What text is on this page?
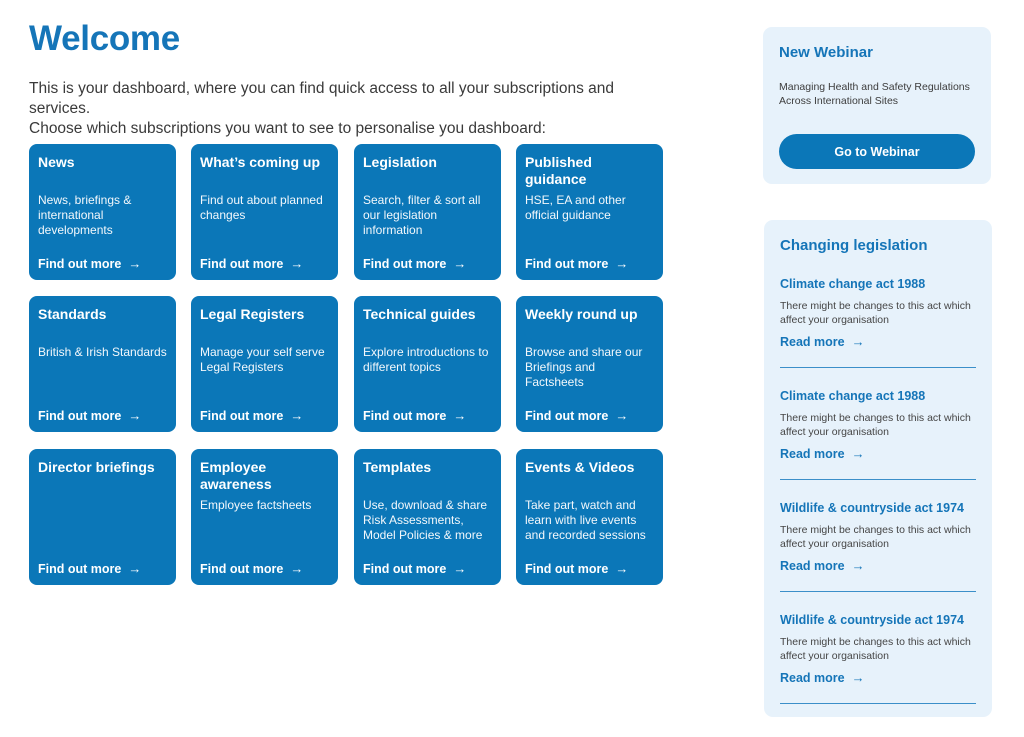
Welcome

This is your dashboard, where you can find quick access to all your subscriptions and services.
Choose which subscriptions you want to see to personalise you dashboard:

News
News, briefings & international developments
Find out more →
What’s coming up
Find out about planned changes
Find out more →
Legislation
Search, filter & sort all our legislation information
Find out more →
Published guidance
HSE, EA and other official guidance
Find out more →
Standards
British & Irish Standards
Find out more →
Legal Registers
Manage your self serve Legal Registers
Find out more →
Technical guides
Explore introductions to different topics
Find out more →
Weekly round up
Browse and share our Briefings and Factsheets
Find out more →
Director briefings
Find out more →
Employee awareness
Employee factsheets
Find out more →
Templates
Use, download & share Risk Assessments, Model Policies & more
Find out more →
Events & Videos
Take part, watch and learn with live events and recorded sessions
Find out more →
New Webinar
Managing Health and Safety Regulations Across International Sites
Go to Webinar
Changing legislation
Climate change act 1988
There might be changes to this act which affect your organisation
Read more →
Climate change act 1988
There might be changes to this act which affect your organisation
Read more →
Wildlife & countryside act 1974
There might be changes to this act which affect your organisation
Read more →
Wildlife & countryside act 1974
There might be changes to this act which affect your organisation
Read more →
